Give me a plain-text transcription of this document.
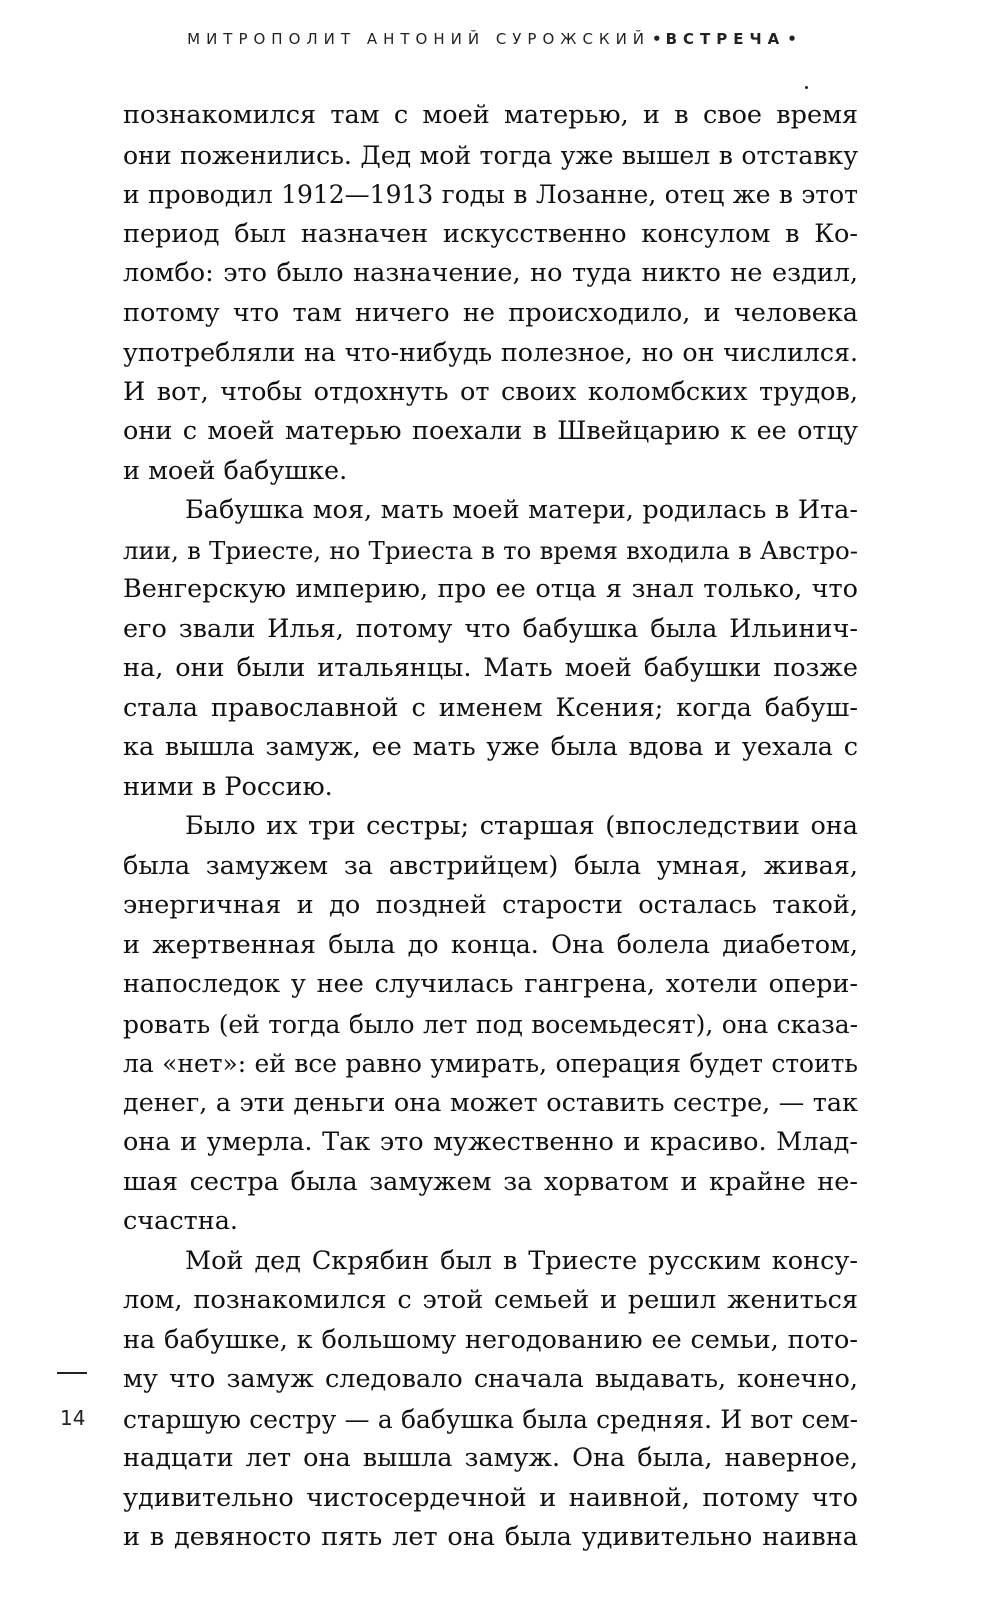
МИТРОПОЛИТ АНТОНИЙ СУРОЖСКИЙ • ВСТРЕЧА •
познакомился там с моей матерью, и в свое время
они поженились. Дед мой тогда уже вышел в отставку
и проводил 1912—1913 годы в Лозанне, отец же в этот
период был назначен искусственно консулом в Ко-
ломбо: это было назначение, но туда никто не ездил,
потому что там ничего не происходило, и человека
употребляли на что-нибудь полезное, но он числился.
И вот, чтобы отдохнуть от своих коломбских трудов,
они с моей матерью поехали в Швейцарию к ее отцу
и моей бабушке.
Бабушка моя, мать моей матери, родилась в Ита-
лии, в Триесте, но Триеста в то время входила в Австро-
Венгерскую империю, про ее отца я знал только, что
его звали Илья, потому что бабушка была Ильинич-
на, они были итальянцы. Мать моей бабушки позже
стала православной с именем Ксения; когда бабуш-
ка вышла замуж, ее мать уже была вдова и уехала с
ними в Россию.
Было их три сестры; старшая (впоследствии она
была замужем за австрийцем) была умная, живая,
энергичная и до поздней старости осталась такой,
и жертвенная была до конца. Она болела диабетом,
напоследок у нее случилась гангрена, хотели опери-
ровать (ей тогда было лет под восемьдесят), она сказа-
ла «нет»: ей все равно умирать, операция будет стоить
денег, а эти деньги она может оставить сестре, — так
она и умерла. Так это мужественно и красиво. Млад-
шая сестра была замужем за хорватом и крайне не-
счастна.
Мой дед Скрябин был в Триесте русским консу-
лом, познакомился с этой семьей и решил жениться
на бабушке, к большому негодованию ее семьи, пото-
му что замуж следовало сначала выдавать, конечно,
старшую сестру — а бабушка была средняя. И вот сем-
надцати лет она вышла замуж. Она была, наверное,
удивительно чистосердечной и наивной, потому что
и в девяносто пять лет она была удивительно наивна
14
